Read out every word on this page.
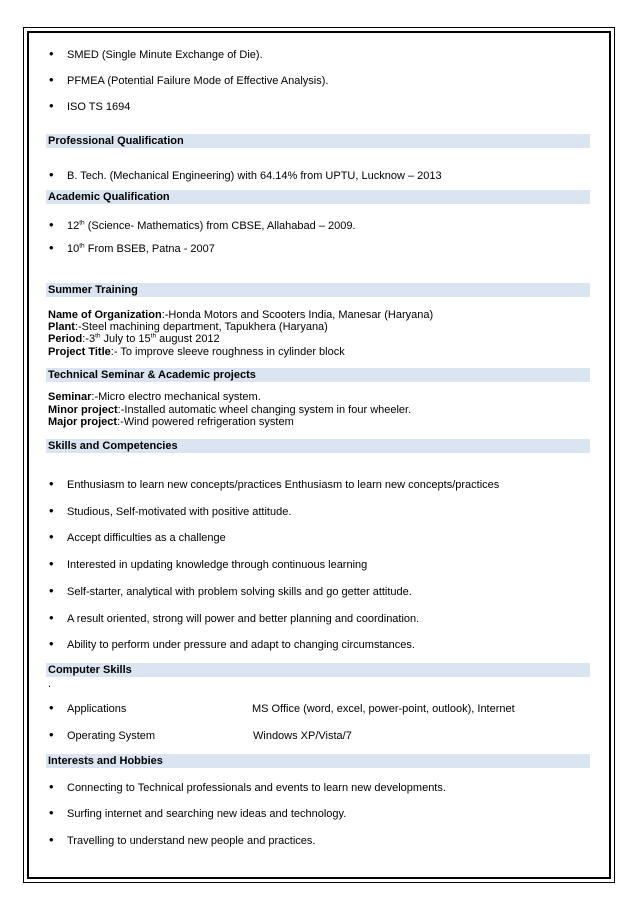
• SMED (Single Minute Exchange of Die).
• PFMEA (Potential Failure Mode of Effective Analysis).
• ISO TS 1694
Professional Qualification
• B. Tech. (Mechanical Engineering) with 64.14% from UPTU, Lucknow – 2013
Academic Qualification
• 12th (Science- Mathematics) from CBSE, Allahabad – 2009.
• 10th From BSEB, Patna - 2007
Summer Training
Name of Organization:-Honda Motors and Scooters India, Manesar (Haryana)
Plant:-Steel machining department, Tapukhera (Haryana)
Period:-3th July to 15th august 2012
Project Title:- To improve sleeve roughness in cylinder block
Technical Seminar & Academic projects
Seminar:-Micro electro mechanical system.
Minor project:-Installed automatic wheel changing system in four wheeler.
Major project:-Wind powered refrigeration system
Skills and Competencies
• Enthusiasm to learn new concepts/practices Enthusiasm to learn new concepts/practices
• Studious, Self-motivated with positive attitude.
• Accept difficulties as a challenge
• Interested in updating knowledge through continuous learning
• Self-starter, analytical with problem solving skills and go getter attitude.
• A result oriented, strong will power and better planning and coordination.
• Ability to perform under pressure and adapt to changing circumstances.
Computer Skills
.
• Applications	MS Office (word, excel, power-point, outlook), Internet
• Operating System	Windows XP/Vista/7
Interests and Hobbies
• Connecting to Technical professionals and events to learn new developments.
• Surfing internet and searching new ideas and technology.
• Travelling to understand new people and practices.
